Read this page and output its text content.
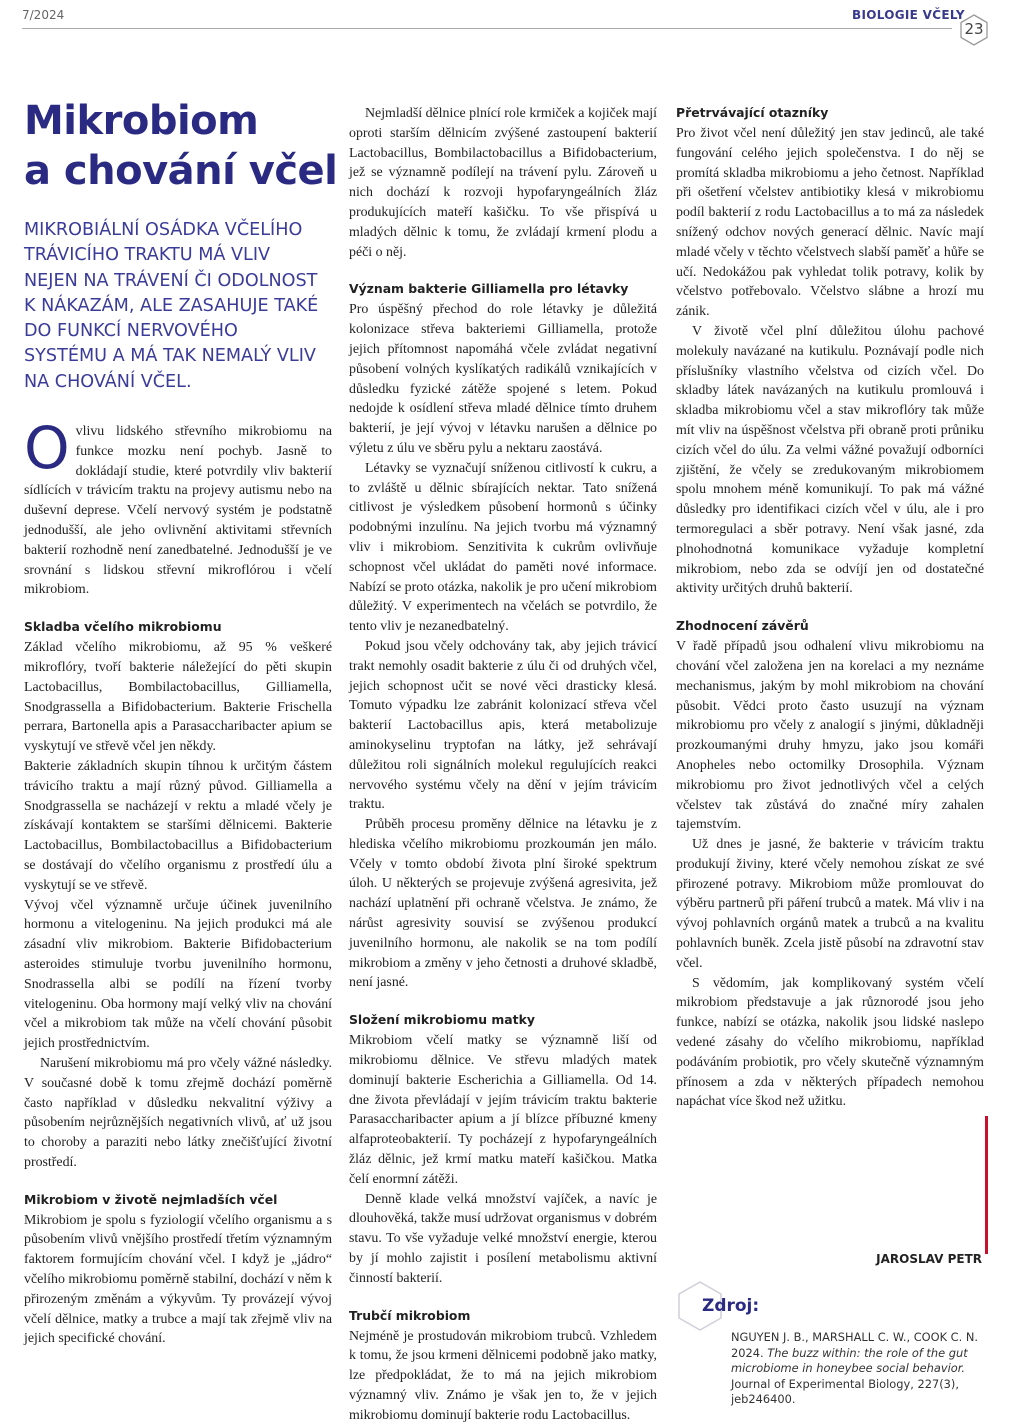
7/2024	BIOLOGIE VČELY
23
Mikrobiom
a chování včel
MIKROBIÁLNÍ OSÁDKA VČELÍHO TRÁVICÍHO TRAKTU MÁ VLIV NEJEN NA TRÁVENÍ ČI ODOLNOST K NÁKAZÁM, ALE ZASAHUJE TAKÉ DO FUNKCÍ NERVOVÉHO SYSTÉMU A MÁ TAK NEMALÝ VLIV NA CHOVÁNÍ VČEL.

Ovlivu lidského střevního mikrobiomu na funkce mozku není pochyb. Jasně to dokládají studie, které potvrdily vliv bakterií sídlících v trávicím traktu na projevy autismu nebo na duševní deprese. Včelí nervový systém je podstatně jednodušší, ale jeho ovlivnění aktivitami střevních bakterií rozhodně není zanedbatelné. Jednodušší je ve srovnání s lidskou střevní mikroflórou i včelí mikrobiom.

Skladba včelího mikrobiomu

Základ včelího mikrobiomu, až 95 % veškeré mikroflóry, tvoří bakterie náležející do pěti skupin Lactobacillus, Bombilactobacillus, Gilliamella, Snodgrassella a Bifidobacterium. Bakterie Frischella perrara, Bartonella apis a Parasaccharibacter apium se vyskytují ve střevě včel jen někdy.

Bakterie základních skupin tíhnou k určitým částem trávicího traktu a mají různý původ. Gilliamella a Snodgrassella se nacházejí v rektu a mladé včely je získávají kontaktem se staršími dělnicemi. Bakterie Lactobacillus, Bombilactobacillus a Bifidobacterium se dostávají do včelího organismu z prostředí úlu a vyskytují se ve střevě.

Vývoj včel významně určuje účinek juvenilního hormonu a vitelogeninu. Na jejich produkci má ale zásadní vliv mikrobiom. Bakterie Bifidobacterium asteroides stimuluje tvorbu juvenilního hormonu, Snodrassella albi se podílí na řízení tvorby vitelogeninu. Oba hormony mají velký vliv na chování včel a mikrobiom tak může na včelí chování působit jejich prostřednictvím.

Narušení mikrobiomu má pro včely vážné následky. V současné době k tomu zřejmě dochází poměrně často například v důsledku nekvalitní výživy a působením nejrůznějších negativních vlivů, ať už jsou to choroby a paraziti nebo látky znečišťující životní prostředí.

Mikrobiom v životě nejmladších včel

Mikrobiom je spolu s fyziologií včelího organismu a s působením vlivů vnějšího prostředí třetím významným faktorem formujícím chování včel. I když je „jádro“ včelího mikrobiomu poměrně stabilní, dochází v něm k přirozeným změnám a výkyvům. Ty provázejí vývoj včelí dělnice, matky a trubce a mají tak zřejmě vliv na jejich specifické chování.

Nejmladší dělnice plnící role krmiček a kojiček mají oproti starším dělnicím zvýšené zastoupení bakterií Lactobacillus, Bombilactobacillus a Bifidobacterium, jež se významně podílejí na trávení pylu. Zároveň u nich dochází k rozvoji hypofaryngeálních žláz produkujících mateří kašičku. To vše přispívá u mladých dělnic k tomu, že zvládají krmení plodu a péči o něj.

Význam bakterie Gilliamella pro létavky

Pro úspěšný přechod do role létavky je důležitá kolonizace střeva bakteriemi Gilliamella, protože jejich přítomnost napomáhá včele zvládat negativní působení volných kyslíkatých radikálů vznikajících v důsledku fyzické zátěže spojené s letem. Pokud nedojde k osídlení střeva mladé dělnice tímto druhem bakterií, je její vývoj v létavku narušen a dělnice po výletu z úlu ve sběru pylu a nektaru zaostává.

Létavky se vyznačují sníženou citlivostí k cukru, a to zvláště u dělnic sbírajících nektar. Tato snížená citlivost je výsledkem působení hormonů s účinky podobnými inzulínu. Na jejich tvorbu má významný vliv i mikrobiom. Senzitivita k cukrům ovlivňuje schopnost včel ukládat do paměti nové informace. Nabízí se proto otázka, nakolik je pro učení mikrobiom důležitý. V experimentech na včelách se potvrdilo, že tento vliv je nezanedbatelný.

Pokud jsou včely odchovány tak, aby jejich trávicí trakt nemohly osadit bakterie z úlu či od druhých včel, jejich schopnost učit se nové věci drasticky klesá. Tomuto výpadku lze zabránit kolonizací střeva včel bakterií Lactobacillus apis, která metabolizuje aminokyselinu tryptofan na látky, jež sehrávají důležitou roli signálních molekul regulujících reakci nervového systému včely na dění v jejím trávicím traktu.

Průběh procesu proměny dělnice na létavku je z hlediska včelího mikrobiomu prozkoumán jen málo. Včely v tomto období života plní široké spektrum úloh. U některých se projevuje zvýšená agresivita, jež nachází uplatnění při ochraně včelstva. Je známo, že nárůst agresivity souvisí se zvýšenou produkcí juvenilního hormonu, ale nakolik se na tom podílí mikrobiom a změny v jeho četnosti a druhové skladbě, není jasné.

Složení mikrobiomu matky

Mikrobiom včelí matky se významně liší od mikrobiomu dělnice. Ve střevu mladých matek dominují bakterie Escherichia a Gilliamella. Od 14. dne života převládají v jejím trávicím traktu bakterie Parasaccharibacter apium a jí blízce příbuzné kmeny alfaproteobakterií. Ty pocházejí z hypofaryngeálních žláz dělnic, jež krmí matku mateří kašičkou. Matka čelí enormní zátěži.

Denně klade velká množství vajíček, a navíc je dlouhověká, takže musí udržovat organismus v dobrém stavu. To vše vyžaduje velké množství energie, kterou by jí mohlo zajistit i posílení metabolismu aktivní činností bakterií.

Trubčí mikrobiom

Nejméně je prostudován mikrobiom trubců. Vzhledem k tomu, že jsou krmeni dělnicemi podobně jako matky, lze předpokládat, že to má na jejich mikrobiom významný vliv. Známo je však jen to, že v jejich mikrobiomu dominují bakterie rodu Lactobacillus.

Přetrvávající otazníky

Pro život včel není důležitý jen stav jedinců, ale také fungování celého jejich společenstva. I do něj se promítá skladba mikrobiomu a jeho četnost. Například při ošetření včelstev antibiotiky klesá v mikrobiomu podíl bakterií z rodu Lactobacillus a to má za následek snížený odchov nových generací dělnic. Navíc mají mladé včely v těchto včelstvech slabší paměť a hůře se učí. Nedokážou pak vyhledat tolik potravy, kolik by včelstvo potřebovalo. Včelstvo slábne a hrozí mu zánik.

V životě včel plní důležitou úlohu pachové molekuly navázané na kutikulu. Poznávají podle nich příslušníky vlastního včelstva od cizích včel. Do skladby látek navázaných na kutikulu promlouvá i skladba mikrobiomu včel a stav mikroflóry tak může mít vliv na úspěšnost včelstva při obraně proti průniku cizích včel do úlu. Za velmi vážné považují odborníci zjištění, že včely se zredukovaným mikrobiomem spolu mnohem méně komunikují. To pak má vážné důsledky pro identifikaci cizích včel v úlu, ale i pro termoregulaci a sběr potravy. Není však jasné, zda plnohodnotná komunikace vyžaduje kompletní mikrobiom, nebo zda se odvíjí jen od dostatečné aktivity určitých druhů bakterií.

Zhodnocení závěrů

V řadě případů jsou odhalení vlivu mikrobiomu na chování včel založena jen na korelaci a my neznáme mechanismus, jakým by mohl mikrobiom na chování působit. Vědci proto často usuzují na význam mikrobiomu pro včely z analogií s jinými, důkladněji prozkoumanými druhy hmyzu, jako jsou komáři Anopheles nebo octomilky Drosophila. Význam mikrobiomu pro život jednotlivých včel a celých včelstev tak zůstává do značné míry zahalen tajemstvím.

Už dnes je jasné, že bakterie v trávicím traktu produkují živiny, které včely nemohou získat ze své přirozené potravy. Mikrobiom může promlouvat do výběru partnerů při páření trubců a matek. Má vliv i na vývoj pohlavních orgánů matek a trubců a na kvalitu pohlavních buněk. Zcela jistě působí na zdravotní stav včel.

S vědomím, jak komplikovaný systém včelí mikrobiom představuje a jak různorodé jsou jeho funkce, nabízí se otázka, nakolik jsou lidské naslepo vedené zásahy do včelího mikrobiomu, například podáváním probiotik, pro včely skutečně významným přínosem a zda v některých případech nemohou napáchat více škod než užitku.

JAROSLAV PETR
Zdroj:
NGUYEN J. B., MARSHALL C. W., COOK C. N. 2024. The buzz within: the role of the gut microbiome in honeybee social behavior. Journal of Experimental Biology, 227(3), jeb246400.
